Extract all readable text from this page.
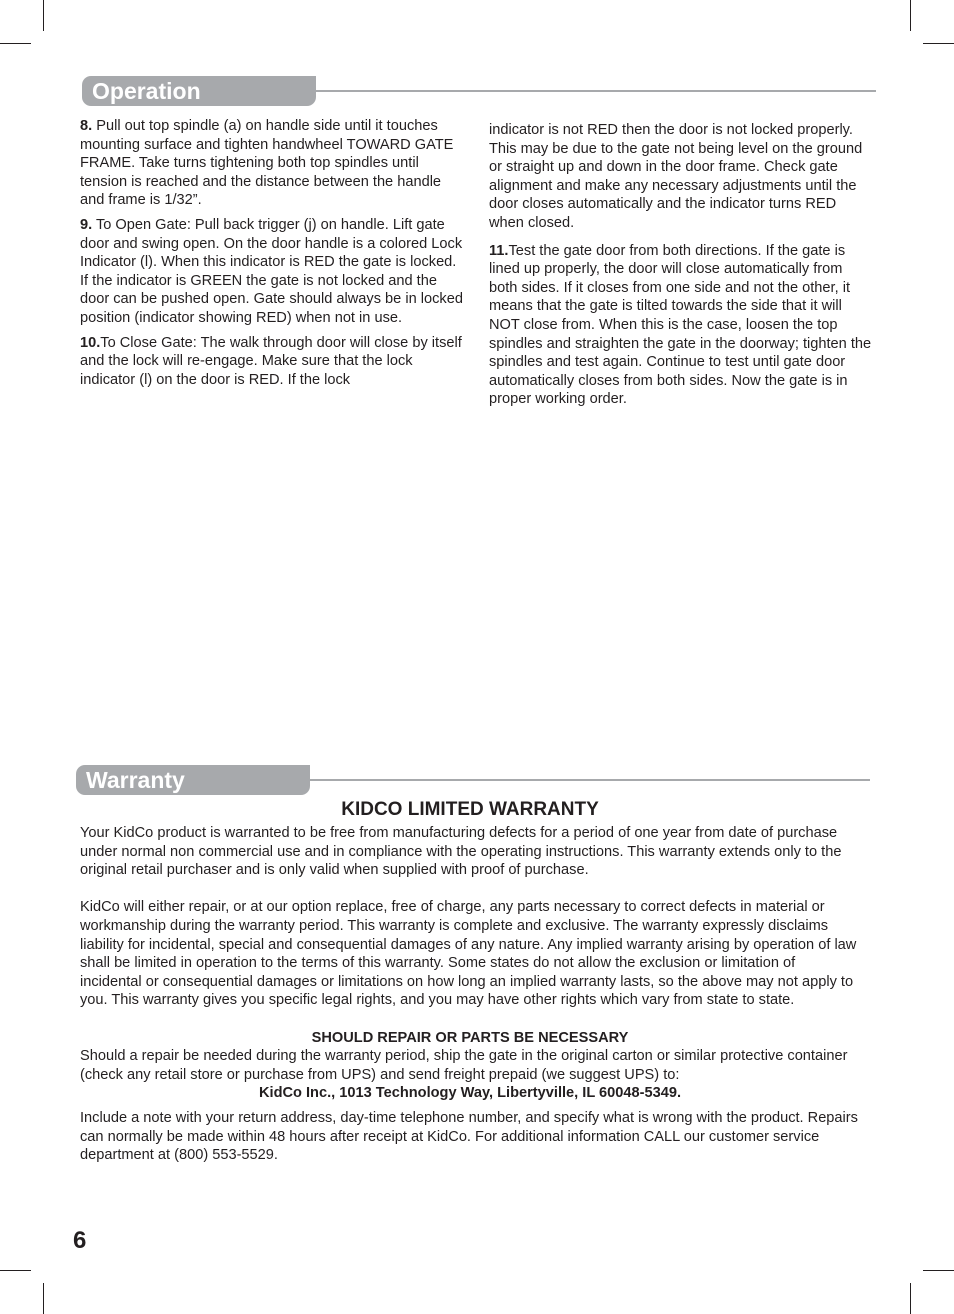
Operation

8. Pull out top spindle (a) on handle side until it touches mounting surface and tighten handwheel TOWARD GATE FRAME. Take turns tightening both top spindles until tension is reached and the distance between the handle and frame is 1/32”.

9. To Open Gate: Pull back trigger (j) on handle. Lift gate door and swing open. On the door handle is a colored Lock Indicator (l). When this indicator is RED the gate is locked. If the indicator is GREEN the gate is not locked and the door can be pushed open. Gate should always be in locked position (indicator showing RED) when not in use.

10.To Close Gate: The walk through door will close by itself and the lock will re-engage. Make sure that the lock indicator (l) on the door is RED. If the lock

indicator is not RED then the door is not locked properly. This may be due to the gate not being level on the ground or straight up and down in the door frame. Check gate alignment and make any necessary adjustments until the door closes automatically and the indicator turns RED when closed.

11.Test the gate door from both directions. If the gate is lined up properly, the door will close automatically from both sides. If it closes from one side and not the other, it means that the gate is tilted towards the side that it will NOT close from. When this is the case, loosen the top spindles and straighten the gate in the doorway; tighten the spindles and test again. Continue to test until gate door automatically closes from both sides. Now the gate is in proper working order.

Warranty

KIDCO LIMITED WARRANTY

Your KidCo product is warranted to be free from manufacturing defects for a period of one year from date of purchase under normal non commercial use and in compliance with the operating instructions. This warranty extends only to the original retail purchaser and is only valid when supplied with proof of purchase.

KidCo will either repair, or at our option replace, free of charge, any parts necessary to correct defects in material or workmanship during the warranty period. This warranty is complete and exclusive. The warranty expressly disclaims liability for incidental, special and consequential damages of any nature. Any implied warranty arising by operation of law shall be limited in operation to the terms of this warranty. Some states do not allow the exclusion or limitation of incidental or consequential damages or limitations on how long an implied warranty lasts, so the above may not apply to you. This warranty gives you specific legal rights, and you may have other rights which vary from state to state.

SHOULD REPAIR OR PARTS BE NECESSARY

Should a repair be needed during the warranty period, ship the gate in the original carton or similar protective container (check any retail store or purchase from UPS) and send freight prepaid (we suggest UPS) to:

KidCo Inc., 1013 Technology Way, Libertyville, IL 60048-5349.

Include a note with your return address, day-time telephone number, and specify what is wrong with the product. Repairs can normally be made within 48 hours after receipt at KidCo. For additional information CALL our customer service department at (800) 553-5529.

6
